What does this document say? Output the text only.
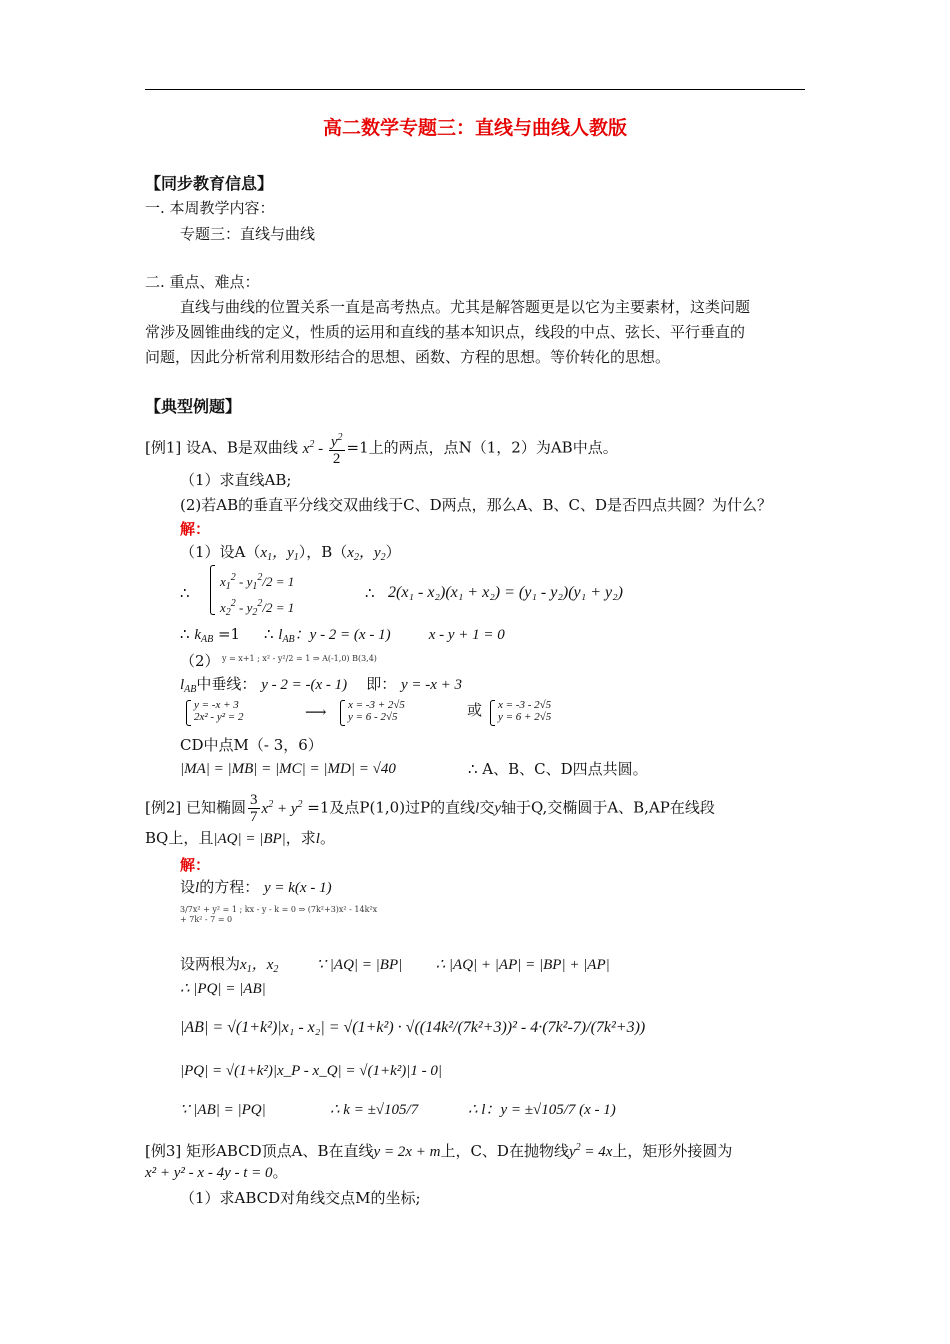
高二数学专题三：直线与曲线人教版
【同步教育信息】
一. 本周教学内容：
专题三：直线与曲线
二. 重点、难点：
直线与曲线的位置关系一直是高考热点。尤其是解答题更是以它为主要素材，这类问题
常涉及圆锥曲线的定义，性质的运用和直线的基本知识点，线段的中点、弦长、平行垂直的
问题，因此分析常利用数形结合的思想、函数、方程的思想。等价转化的思想。
【典型例题】
[例1] 设A、B是双曲线 $x^2 - \frac{y^2}{2} =1$上的两点，点N（1，2）为AB中点。
（1）求直线AB;
(2)若AB的垂直平分线交双曲线于C、D两点，那么A、B、C、D是否四点共圆？为什么？
解：
（1）设$A(x_1$，$y_1$），$B(x_2$，$y_2$）
∴
$x_1^2 - y_1^2/2 = 1$
$x_2^2 - y_2^2/2 = 1$
∴ 2(x₁ - x₂)(x₁ + x₂) = (y₁ - y₂)(y₁ + y₂)
∴ $k_{AB} =1$     ∴ $l_{AB}$：y - 2 = (x - 1)	x - y + 1 = 0
（2） y = x+1 ; x² - y²/2 = 1 ⇒ A(-1,0) B(3,4)
$l_{AB}$中垂线： y - 2 = -(x - 1) 即： y = -x + 3
y = -x + 3
2x² - y² = 2	⟶ x = -3 + 2√5
y = 6 - 2√5	或 x = -3 - 2√5
y = 6 + 2√5
CD中点M（- 3，6）
|MA| = |MB| = |MC| = |MD| = √40	∴ A、B、C、D四点共圆。
[例2] 已知椭圆 $\frac{3}{7} x^2 + y^2 =1$及点P(1,0)过P的直线l交y轴于Q,交椭圆于A、B,AP在线段
BQ上，且|AQ| = |BP|，求l。
解：
设l的方程： y = k(x - 1)
3/7x² + y² = 1 ; kx - y - k = 0 ⇒ (7k²+3)x² - 14k²x + 7k² - 7 = 0
设两根为$x_1$，$x_2$	∵ |AQ| = |BP| ∴ |AQ| + |AP| = |BP| + |AP|
∴ |PQ| = |AB|
|AB| = √(1+k²)|x₁ - x₂| = √(1+k²) · √((14k²/(7k²+3))² - 4·(7k²-7)/(7k²+3))
|PQ| = √(1+k²)|x_P - x_Q| = √(1+k²)|1 - 0|
∵ |AB| = |PQ|	∴ k = ±√105/7	∴ l：y = ±√105/7 (x - 1)
[例3] 矩形ABCD顶点A、B在直线y = 2x + m上，C、D在抛物线$y^2 = 4x$上，矩形外接圆为
x² + y² - x - 4y - t = 0。
（1）求ABCD对角线交点M的坐标;
